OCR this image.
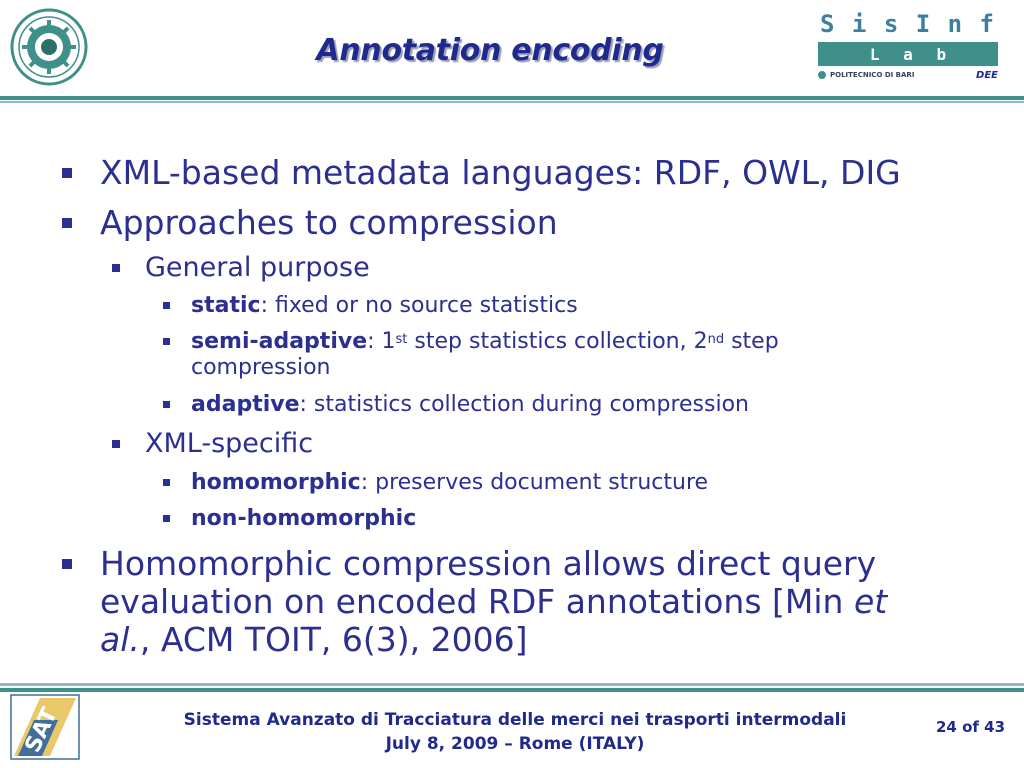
Annotation encoding
S i s I n f
L a b
POLITECNICO DI BARI	DEE
XML-based metadata languages: RDF, OWL, DIG
Approaches to compression
General purpose
static: fixed or no source statistics
semi-adaptive: 1st step statistics collection, 2nd step
compression
adaptive: statistics collection during compression
XML-specific
homomorphic: preserves document structure
non-homomorphic
Homomorphic compression allows direct query
evaluation on encoded RDF annotations [Min et
al., ACM TOIT, 6(3), 2006]
SAT	Sistema Avanzato di Tracciatura delle merci nei trasporti intermodali
July 8, 2009 – Rome (ITALY)
24 of 43
